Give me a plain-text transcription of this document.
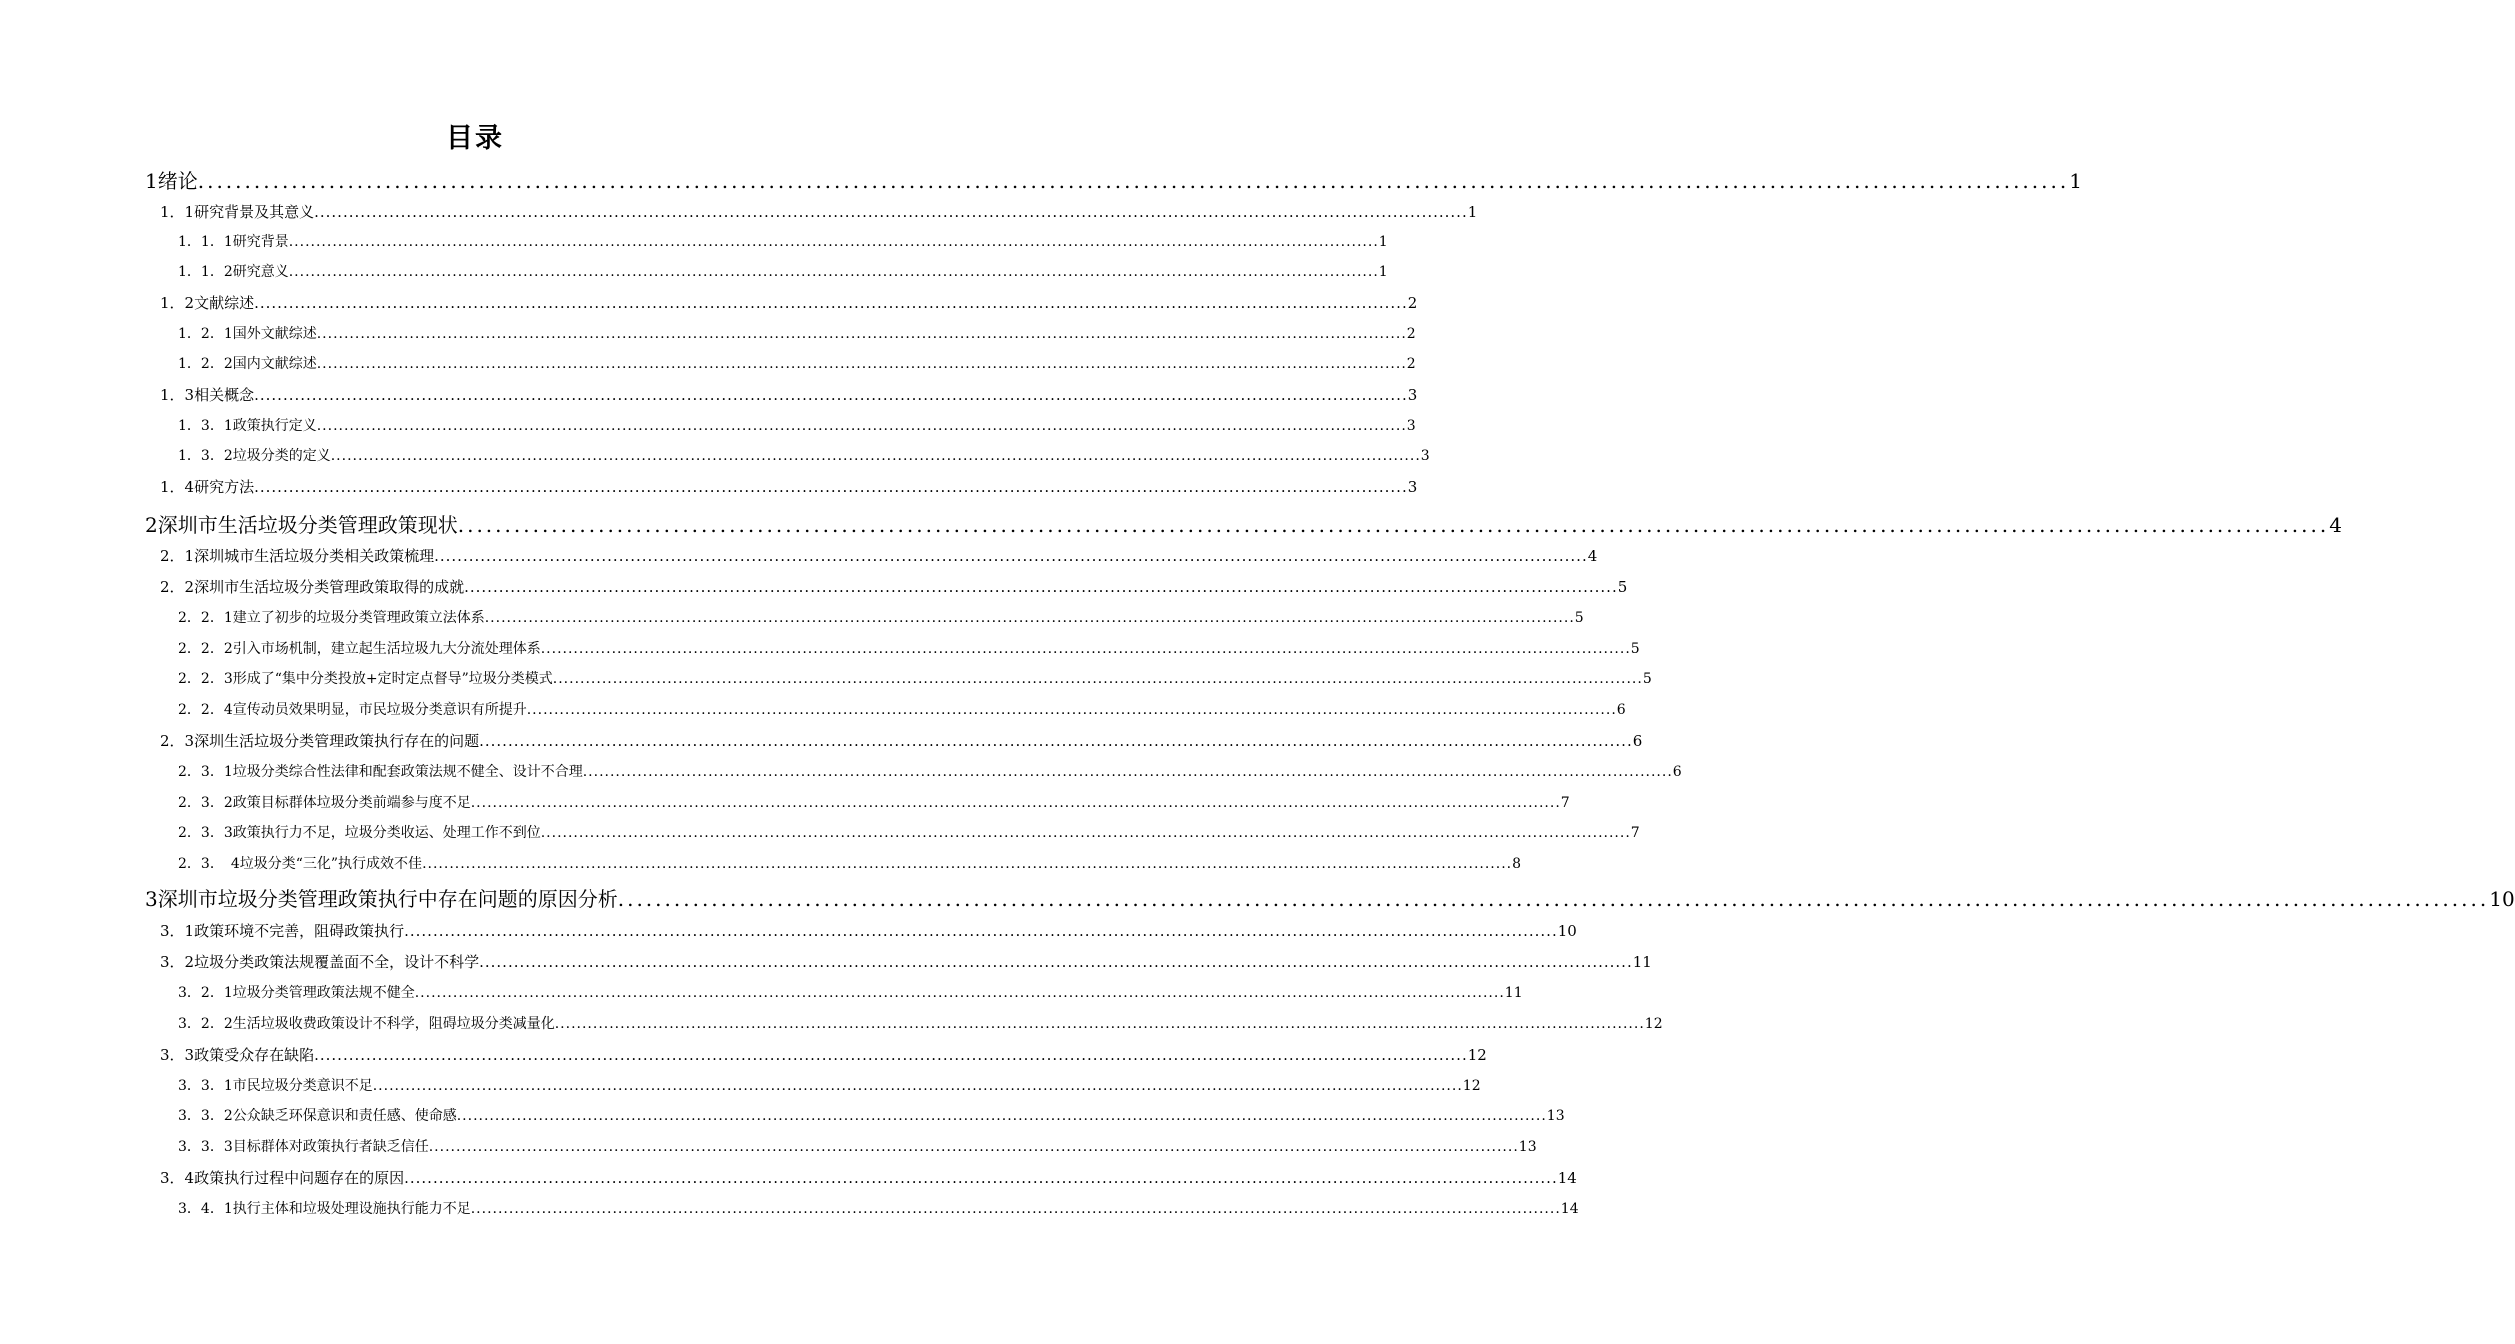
目录
1 绪论 ........................................................................................................................................................................................................ 1
1．1 研究背景及其意义 ........................................................................................................................................................................................................ 1
1．1．1 研究背景 ........................................................................................................................................................................................................ 1
1．1．2 研究意义 ........................................................................................................................................................................................................ 1
1．2 文献综述 ........................................................................................................................................................................................................ 2
1．2．1 国外文献综述 ........................................................................................................................................................................................................ 2
1．2．2 国内文献综述 ........................................................................................................................................................................................................ 2
1．3 相关概念 ........................................................................................................................................................................................................ 3
1．3．1 政策执行定义 ........................................................................................................................................................................................................ 3
1．3．2 垃圾分类的定义 ........................................................................................................................................................................................................ 3
1．4 研究方法 ........................................................................................................................................................................................................ 3
2 深圳市生活垃圾分类管理政策现状 ........................................................................................................................................................................................................ 4
2．1 深圳城市生活垃圾分类相关政策梳理 ........................................................................................................................................................................................................ 4
2．2 深圳市生活垃圾分类管理政策取得的成就 ........................................................................................................................................................................................................ 5
2．2．1 建立了初步的垃圾分类管理政策立法体系 ........................................................................................................................................................................................................ 5
2．2．2 引入市场机制，建立起生活垃圾九大分流处理体系 ........................................................................................................................................................................................................ 5
2．2．3 形成了“集中分类投放+定时定点督导”垃圾分类模式 ........................................................................................................................................................................................................ 5
2．2．4 宣传动员效果明显，市民垃圾分类意识有所提升 ........................................................................................................................................................................................................ 6
2．3 深圳生活垃圾分类管理政策执行存在的问题 ........................................................................................................................................................................................................ 6
2．3．1 垃圾分类综合性法律和配套政策法规不健全、设计不合理 ........................................................................................................................................................................................................ 6
2．3．2 政策目标群体垃圾分类前端参与度不足 ........................................................................................................................................................................................................ 7
2．3．3 政策执行力不足，垃圾分类收运、处理工作不到位 ........................................................................................................................................................................................................ 7
2．3．　4 垃圾分类“三化”执行成效不佳 ........................................................................................................................................................................................................ 8
3 深圳市垃圾分类管理政策执行中存在问题的原因分析 ........................................................................................................................................................................................................ 10
3．1 政策环境不完善，阻碍政策执行 ........................................................................................................................................................................................................ 10
3．2 垃圾分类政策法规覆盖面不全，设计不科学 ........................................................................................................................................................................................................ 11
3．2．1 垃圾分类管理政策法规不健全 ........................................................................................................................................................................................................ 11
3．2．2 生活垃圾收费政策设计不科学，阻碍垃圾分类减量化 ........................................................................................................................................................................................................ 12
3．3 政策受众存在缺陷 ........................................................................................................................................................................................................ 12
3．3．1 市民垃圾分类意识不足 ........................................................................................................................................................................................................ 12
3．3．2 公众缺乏环保意识和责任感、使命感 ........................................................................................................................................................................................................ 13
3．3．3 目标群体对政策执行者缺乏信任 ........................................................................................................................................................................................................ 13
3．4 政策执行过程中问题存在的原因 ........................................................................................................................................................................................................ 14
3．4．1 执行主体和垃圾处理设施执行能力不足 ........................................................................................................................................................................................................ 14
